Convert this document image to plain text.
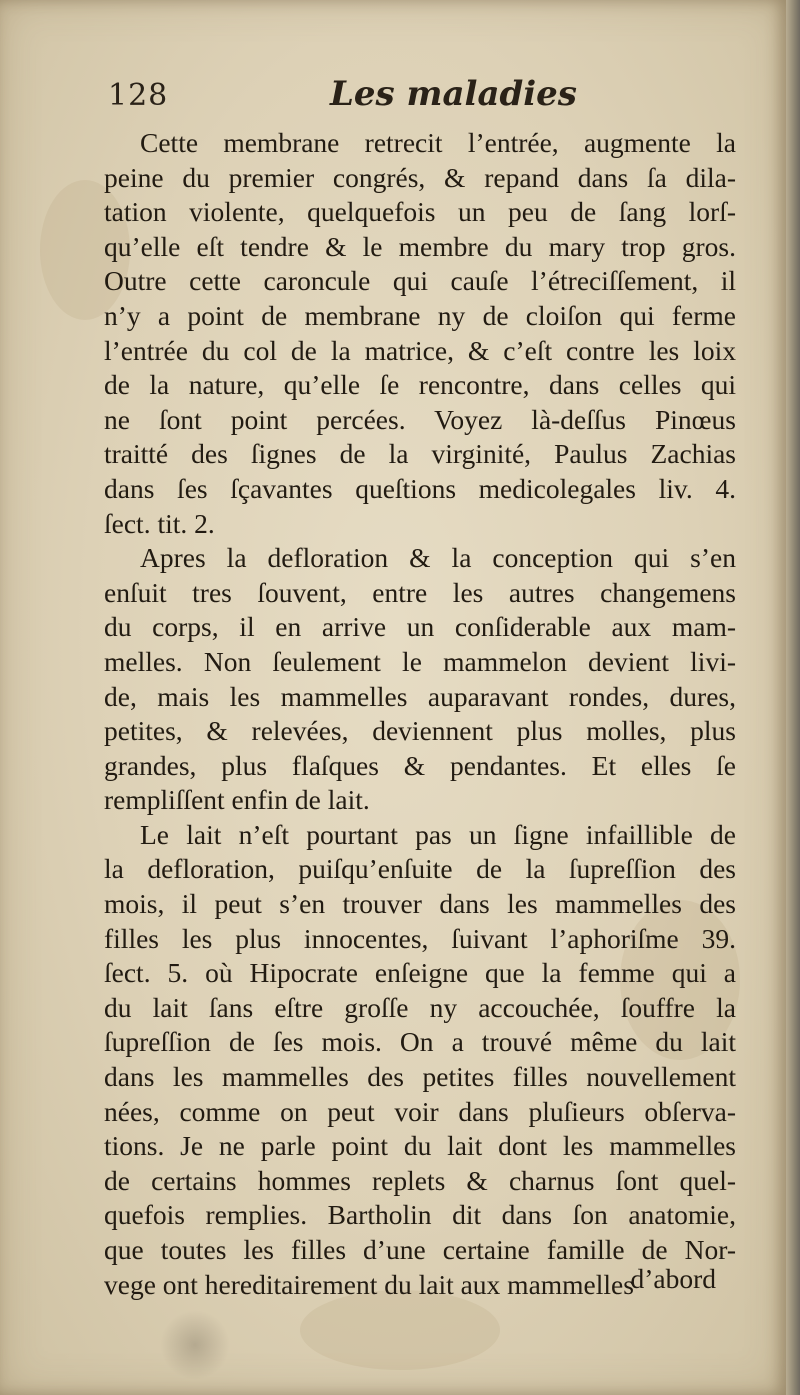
128	Les maladies
Cette membrane retrecit l’entrée, augmente la
peine du premier congrés, & repand dans ſa dila-
tation violente, quelquefois un peu de ſang lorſ-
qu’elle eſt tendre & le membre du mary trop gros.
Outre cette caroncule qui cauſe l’étreciſſement, il
n’y a point de membrane ny de cloiſon qui ferme
l’entrée du col de la matrice, & c’eſt contre les loix
de la nature, qu’elle ſe rencontre, dans celles qui
ne ſont point percées. Voyez là-deſſus Pinœus
traitté des ſignes de la virginité, Paulus Zachias
dans ſes ſçavantes queſtions medicolegales liv. 4.
ſect. tit. 2.
Apres la defloration & la conception qui s’en
enſuit tres ſouvent, entre les autres changemens
du corps, il en arrive un conſiderable aux mam-
melles. Non ſeulement le mammelon devient livi-
de, mais les mammelles auparavant rondes, dures,
petites, & relevées, deviennent plus molles, plus
grandes, plus flaſques & pendantes. Et elles ſe
rempliſſent enfin de lait.
Le lait n’eſt pourtant pas un ſigne infaillible de
la defloration, puiſqu’enſuite de la ſupreſſion des
mois, il peut s’en trouver dans les mammelles des
filles les plus innocentes, ſuivant l’aphoriſme 39.
ſect. 5. où Hipocrate enſeigne que la femme qui a
du lait ſans eſtre groſſe ny accouchée, ſouffre la
ſupreſſion de ſes mois. On a trouvé même du lait
dans les mammelles des petites filles nouvellement
nées, comme on peut voir dans pluſieurs obſerva-
tions. Je ne parle point du lait dont les mammelles
de certains hommes replets & charnus ſont quel-
quefois remplies. Bartholin dit dans ſon anatomie,
que toutes les filles d’une certaine famille de Nor-
vege ont hereditairement du lait aux mammelles
d’abord
